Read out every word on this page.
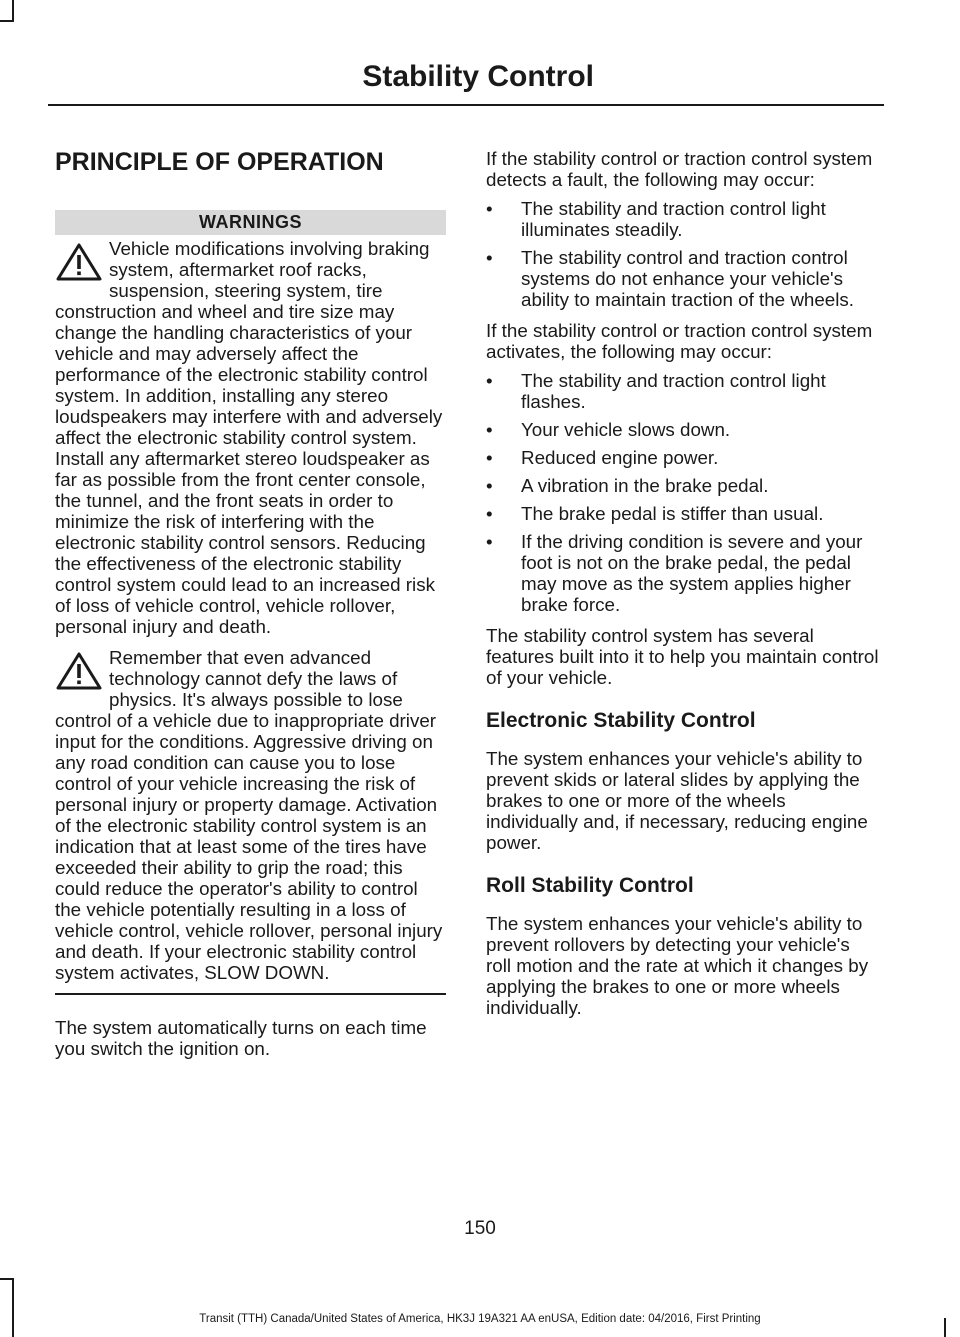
Stability Control
PRINCIPLE OF OPERATION
WARNINGS
Vehicle modifications involving braking system, aftermarket roof racks, suspension, steering system, tire construction and wheel and tire size may change the handling characteristics of your vehicle and may adversely affect the performance of the electronic stability control system. In addition, installing any stereo loudspeakers may interfere with and adversely affect the electronic stability control system. Install any aftermarket stereo loudspeaker as far as possible from the front center console, the tunnel, and the front seats in order to minimize the risk of interfering with the electronic stability control sensors. Reducing the effectiveness of the electronic stability control system could lead to an increased risk of loss of vehicle control, vehicle rollover, personal injury and death.
Remember that even advanced technology cannot defy the laws of physics. It's always possible to lose control of a vehicle due to inappropriate driver input for the conditions. Aggressive driving on any road condition can cause you to lose control of your vehicle increasing the risk of personal injury or property damage. Activation of the electronic stability control system is an indication that at least some of the tires have exceeded their ability to grip the road; this could reduce the operator's ability to control the vehicle potentially resulting in a loss of vehicle control, vehicle rollover, personal injury and death. If your electronic stability control system activates, SLOW DOWN.

The system automatically turns on each time you switch the ignition on.

If the stability control or traction control system detects a fault, the following may occur:

• The stability and traction control light illuminates steadily.
• The stability control and traction control systems do not enhance your vehicle's ability to maintain traction of the wheels.

If the stability control or traction control system activates, the following may occur:

• The stability and traction control light flashes.
• Your vehicle slows down.
• Reduced engine power.
• A vibration in the brake pedal.
• The brake pedal is stiffer than usual.
• If the driving condition is severe and your foot is not on the brake pedal, the pedal may move as the system applies higher brake force.

The stability control system has several features built into it to help you maintain control of your vehicle.

Electronic Stability Control

The system enhances your vehicle's ability to prevent skids or lateral slides by applying the brakes to one or more of the wheels individually and, if necessary, reducing engine power.

Roll Stability Control

The system enhances your vehicle's ability to prevent rollovers by detecting your vehicle's roll motion and the rate at which it changes by applying the brakes to one or more wheels individually.

150
Transit (TTH) Canada/United States of America, HK3J 19A321 AA enUSA, Edition date: 04/2016, First Printing
